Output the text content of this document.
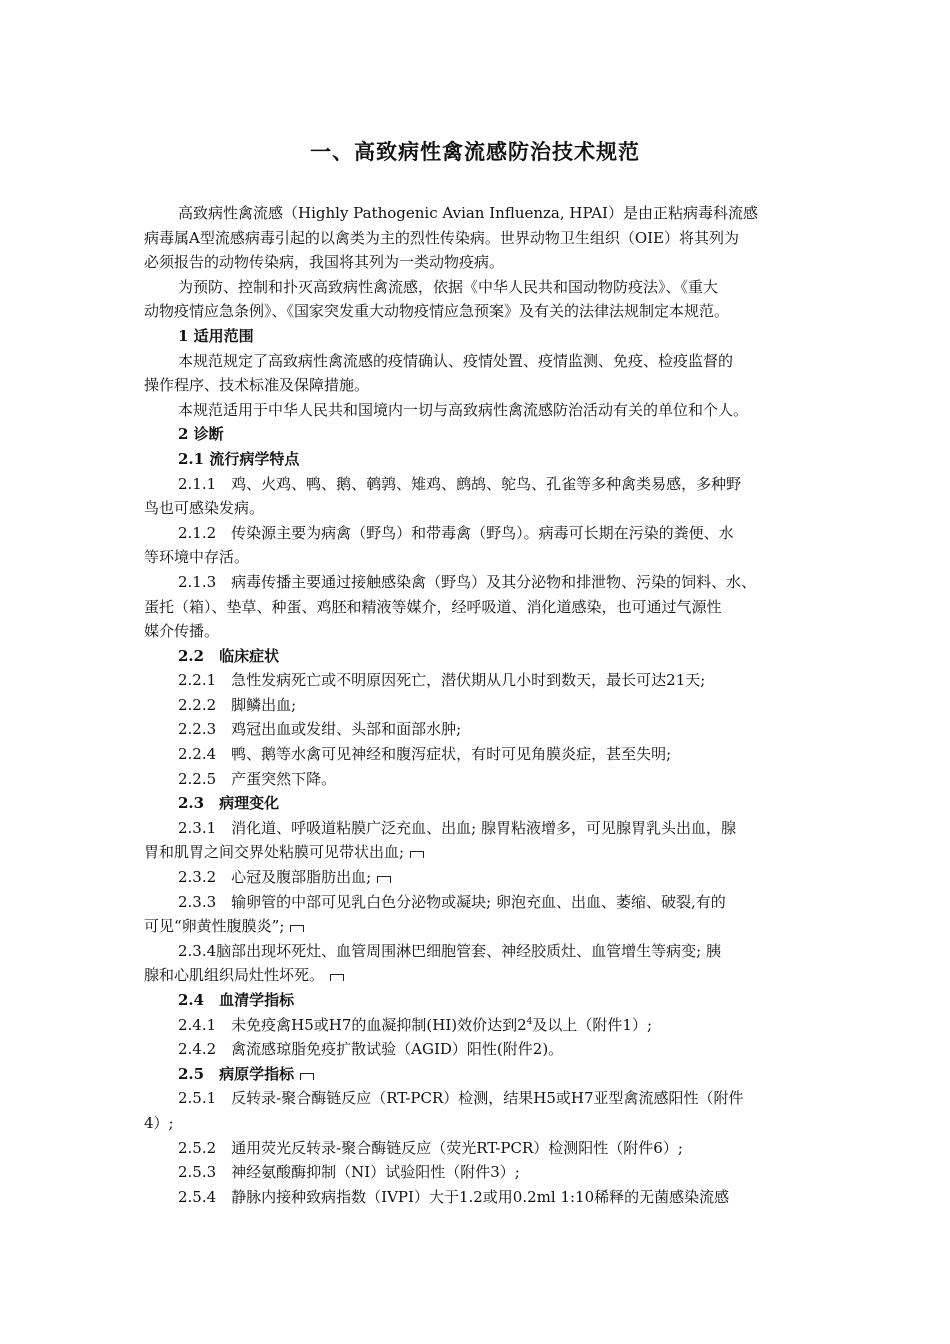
一、高致病性禽流感防治技术规范

高致病性禽流感（Highly Pathogenic Avian Influenza, HPAI）是由正粘病毒科流感

病毒属A型流感病毒引起的以禽类为主的烈性传染病。世界动物卫生组织（OIE）将其列为

必须报告的动物传染病，我国将其列为一类动物疫病。

为预防、控制和扑灭高致病性禽流感，依据《中华人民共和国动物防疫法》、《重大

动物疫情应急条例》、《国家突发重大动物疫情应急预案》及有关的法律法规制定本规范。

1 适用范围

本规范规定了高致病性禽流感的疫情确认、疫情处置、疫情监测、免疫、检疫监督的

操作程序、技术标准及保障措施。

本规范适用于中华人民共和国境内一切与高致病性禽流感防治活动有关的单位和个人。

2 诊断

2.1 流行病学特点

2.1.1　鸡、火鸡、鸭、鹅、鹌鹑、雉鸡、鹧鸪、鸵鸟、孔雀等多种禽类易感，多种野

鸟也可感染发病。

2.1.2　传染源主要为病禽（野鸟）和带毒禽（野鸟）。病毒可长期在污染的粪便、水

等环境中存活。

2.1.3　病毒传播主要通过接触感染禽（野鸟）及其分泌物和排泄物、污染的饲料、水、

蛋托（箱）、垫草、种蛋、鸡胚和精液等媒介，经呼吸道、消化道感染，也可通过气源性

媒介传播。

2.2　临床症状

2.2.1　急性发病死亡或不明原因死亡，潜伏期从几小时到数天，最长可达21天;

2.2.2　脚鳞出血;

2.2.3　鸡冠出血或发绀、头部和面部水肿;

2.2.4　鸭、鹅等水禽可见神经和腹泻症状，有时可见角膜炎症，甚至失明;

2.2.5　产蛋突然下降。

2.3　病理变化

2.3.1　消化道、呼吸道粘膜广泛充血、出血; 腺胃粘液增多，可见腺胃乳头出血，腺

胃和肌胃之间交界处粘膜可见带状出血;

2.3.2　心冠及腹部脂肪出血;

2.3.3　输卵管的中部可见乳白色分泌物或凝块; 卵泡充血、出血、萎缩、破裂,有的

可见“卵黄性腹膜炎”;

2.3.4脑部出现坏死灶、血管周围淋巴细胞管套、神经胶质灶、血管增生等病变; 胰

腺和心肌组织局灶性坏死。

2.4　血清学指标

2.4.1　未免疫禽H5或H7的血凝抑制(HI)效价达到$2^4$及以上（附件1）;

2.4.2　禽流感琼脂免疫扩散试验（AGID）阳性(附件2)。

2.5　病原学指标

2.5.1　反转录-聚合酶链反应（RT-PCR）检测，结果H5或H7亚型禽流感阳性（附件

4）;

2.5.2　通用荧光反转录-聚合酶链反应（荧光RT-PCR）检测阳性（附件6）;

2.5.3　神经氨酸酶抑制（NI）试验阳性（附件3）;

2.5.4　静脉内接种致病指数（IVPI）大于1.2或用0.2ml 1:10稀释的无菌感染流感
